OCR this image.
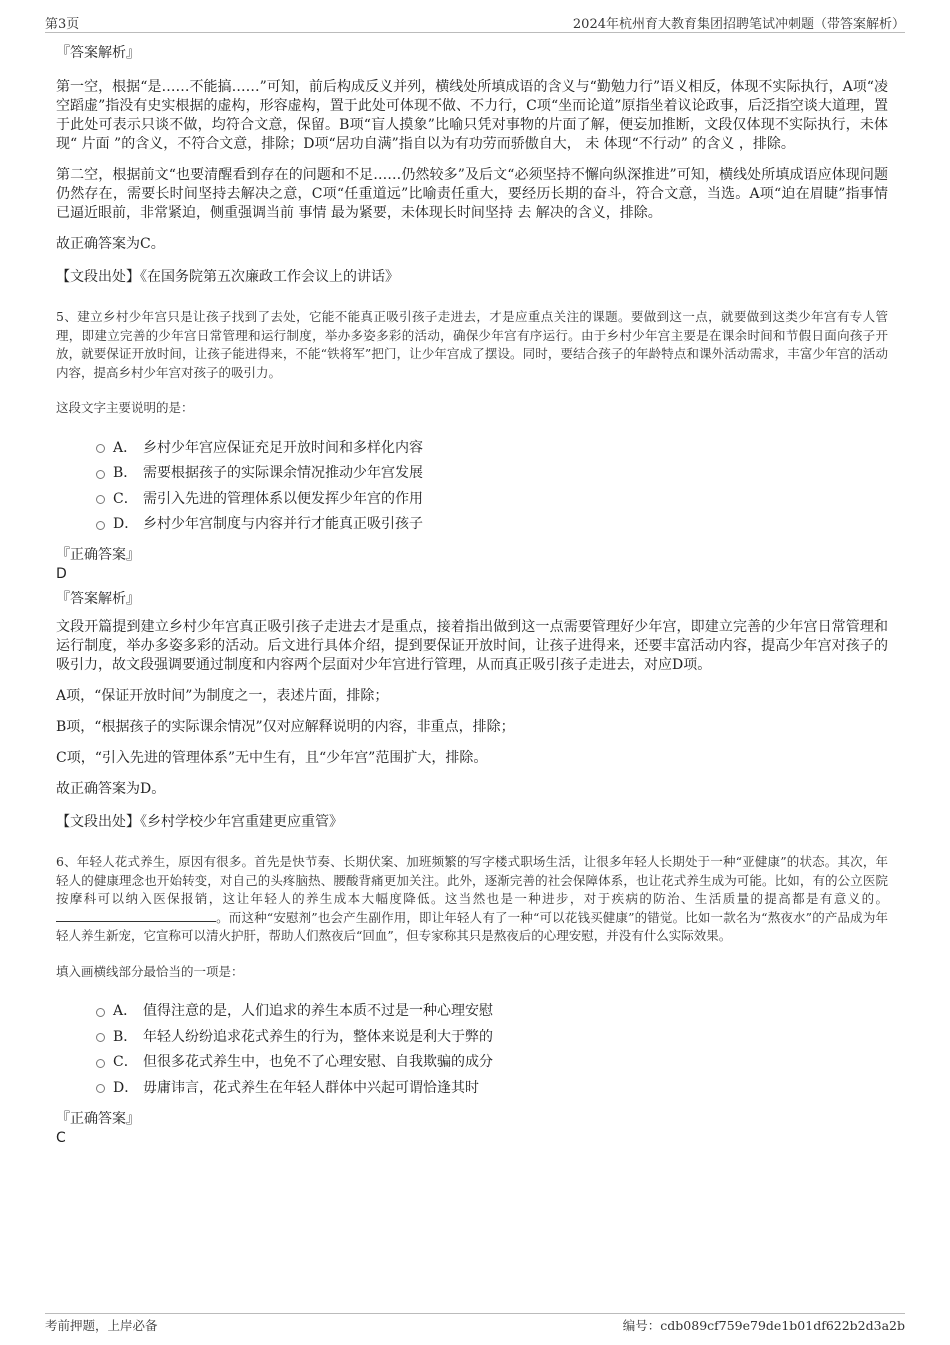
第3页	2024年杭州育大教育集团招聘笔试冲刺题（带答案解析）
『答案解析』

第一空，根据“是……不能搞……”可知，前后构成反义并列，横线处所填成语的含义与“勤勉力行”语义相反，体现不实际执行，A项“凌空蹈虚”指没有史实根据的虚构，形容虚构，置于此处可体现不做、不力行，C项“坐而论道”原指坐着议论政事，后泛指空谈大道理，置于此处可表示只谈不做，均符合文意，保留。B项“盲人摸象”比喻只凭对事物的片面了解，便妄加推断，文段仅体现不实际执行，未体现“ 片面 ”的含义，不符合文意，排除；D项“居功自满”指自以为有功劳而骄傲自大， 未 体现“不行动” 的含义 ，排除。

第二空，根据前文“也要清醒看到存在的问题和不足……仍然较多”及后文“必须坚持不懈向纵深推进”可知，横线处所填成语应体现问题仍然存在，需要长时间坚持去解决之意，C项“任重道远”比喻责任重大，要经历长期的奋斗，符合文意，当选。A项“迫在眉睫”指事情已逼近眼前，非常紧迫，侧重强调当前 事情 最为紧要，未体现长时间坚持 去 解决的含义，排除。

故正确答案为C。

【文段出处】《在国务院第五次廉政工作会议上的讲话》

5、建立乡村少年宫只是让孩子找到了去处，它能不能真正吸引孩子走进去，才是应重点关注的课题。要做到这一点，就要做到这类少年宫有专人管理，即建立完善的少年宫日常管理和运行制度，举办多姿多彩的活动，确保少年宫有序运行。由于乡村少年宫主要是在课余时间和节假日面向孩子开放，就要保证开放时间，让孩子能进得来，不能“铁将军”把门，让少年宫成了摆设。同时，要结合孩子的年龄特点和课外活动需求，丰富少年宫的活动内容，提高乡村少年宫对孩子的吸引力。

这段文字主要说明的是：
A． 乡村少年宫应保证充足开放时间和多样化内容
B． 需要根据孩子的实际课余情况推动少年宫发展
C． 需引入先进的管理体系以便发挥少年宫的作用
D． 乡村少年宫制度与内容并行才能真正吸引孩子
『正确答案』
D
『答案解析』

文段开篇提到建立乡村少年宫真正吸引孩子走进去才是重点，接着指出做到这一点需要管理好少年宫，即建立完善的少年宫日常管理和运行制度，举办多姿多彩的活动。后文进行具体介绍，提到要保证开放时间，让孩子进得来，还要丰富活动内容，提高少年宫对孩子的吸引力，故文段强调要通过制度和内容两个层面对少年宫进行管理，从而真正吸引孩子走进去，对应D项。

A项，“保证开放时间”为制度之一，表述片面，排除；

B项，“根据孩子的实际课余情况”仅对应解释说明的内容，非重点，排除；

C项，“引入先进的管理体系”无中生有，且“少年宫”范围扩大，排除。

故正确答案为D。

【文段出处】《乡村学校少年宫重建更应重管》

6、年轻人花式养生，原因有很多。首先是快节奏、长期伏案、加班频繁的写字楼式职场生活，让很多年轻人长期处于一种“亚健康”的状态。其次，年轻人的健康理念也开始转变，对自己的头疼脑热、腰酸背痛更加关注。此外，逐渐完善的社会保障体系，也让花式养生成为可能。比如，有的公立医院按摩科可以纳入医保报销，这让年轻人的养生成本大幅度降低。这当然也是一种进步，对于疾病的防治、生活质量的提高都是有意义的。。而这种“安慰剂”也会产生副作用，即让年轻人有了一种“可以花钱买健康”的错觉。比如一款名为“熬夜水”的产品成为年轻人养生新宠，它宣称可以清火护肝，帮助人们熬夜后“回血”，但专家称其只是熬夜后的心理安慰，并没有什么实际效果。

填入画横线部分最恰当的一项是：
A． 值得注意的是，人们追求的养生本质不过是一种心理安慰
B． 年轻人纷纷追求花式养生的行为，整体来说是利大于弊的
C． 但很多花式养生中，也免不了心理安慰、自我欺骗的成分
D． 毋庸讳言，花式养生在年轻人群体中兴起可谓恰逢其时
『正确答案』
C
考前押题，上岸必备	编号：cdb089cf759e79de1b01df622b2d3a2b
